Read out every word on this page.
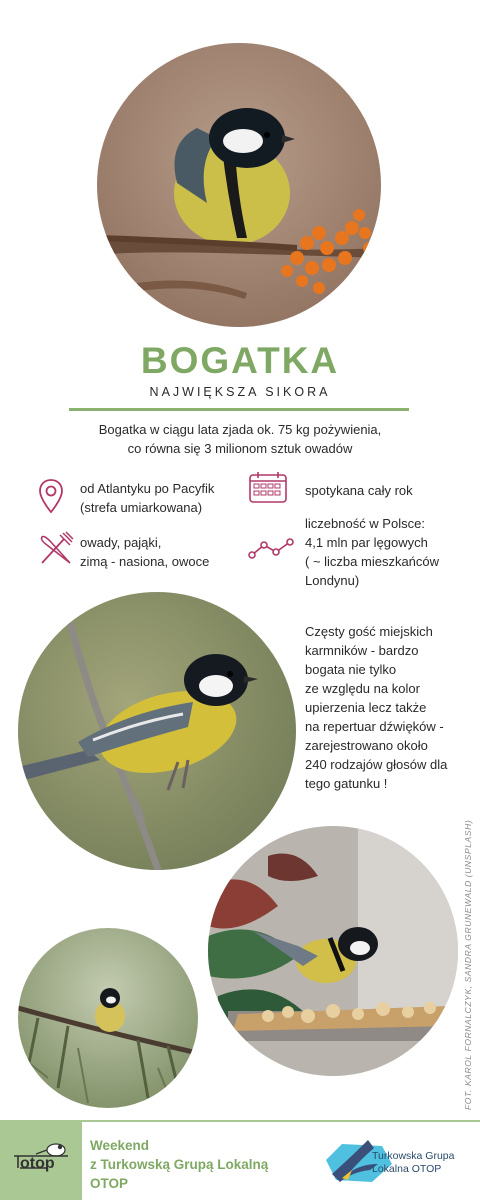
BOGATKA
NAJWIĘKSZA SIKORA
Bogatka w ciągu lata zjada ok. 75 kg pożywienia,
co równa się 3 milionom sztuk owadów
od Atlantyku po Pacyfik
(strefa umiarkowana)
spotykana cały rok
owady, pająki,
zimą - nasiona, owoce
liczebność w Polsce:
4,1 mln par lęgowych
( ~ liczba mieszkańców
Londynu)
Częsty gość miejskich
karmników - bardzo
bogata nie tylko
ze względu na kolor
upierzenia lecz także
na repertuar dźwięków -
zarejestrowano około
240 rodzajów głosów dla
tego gatunku !
FOT. KAROL FORNALCZYK, SANDRA GRUNEWALD (UNSPLASH)
otop
Weekend
z Turkowską Grupą Lokalną
OTOP
Turkowska Grupa
Lokalna OTOP
